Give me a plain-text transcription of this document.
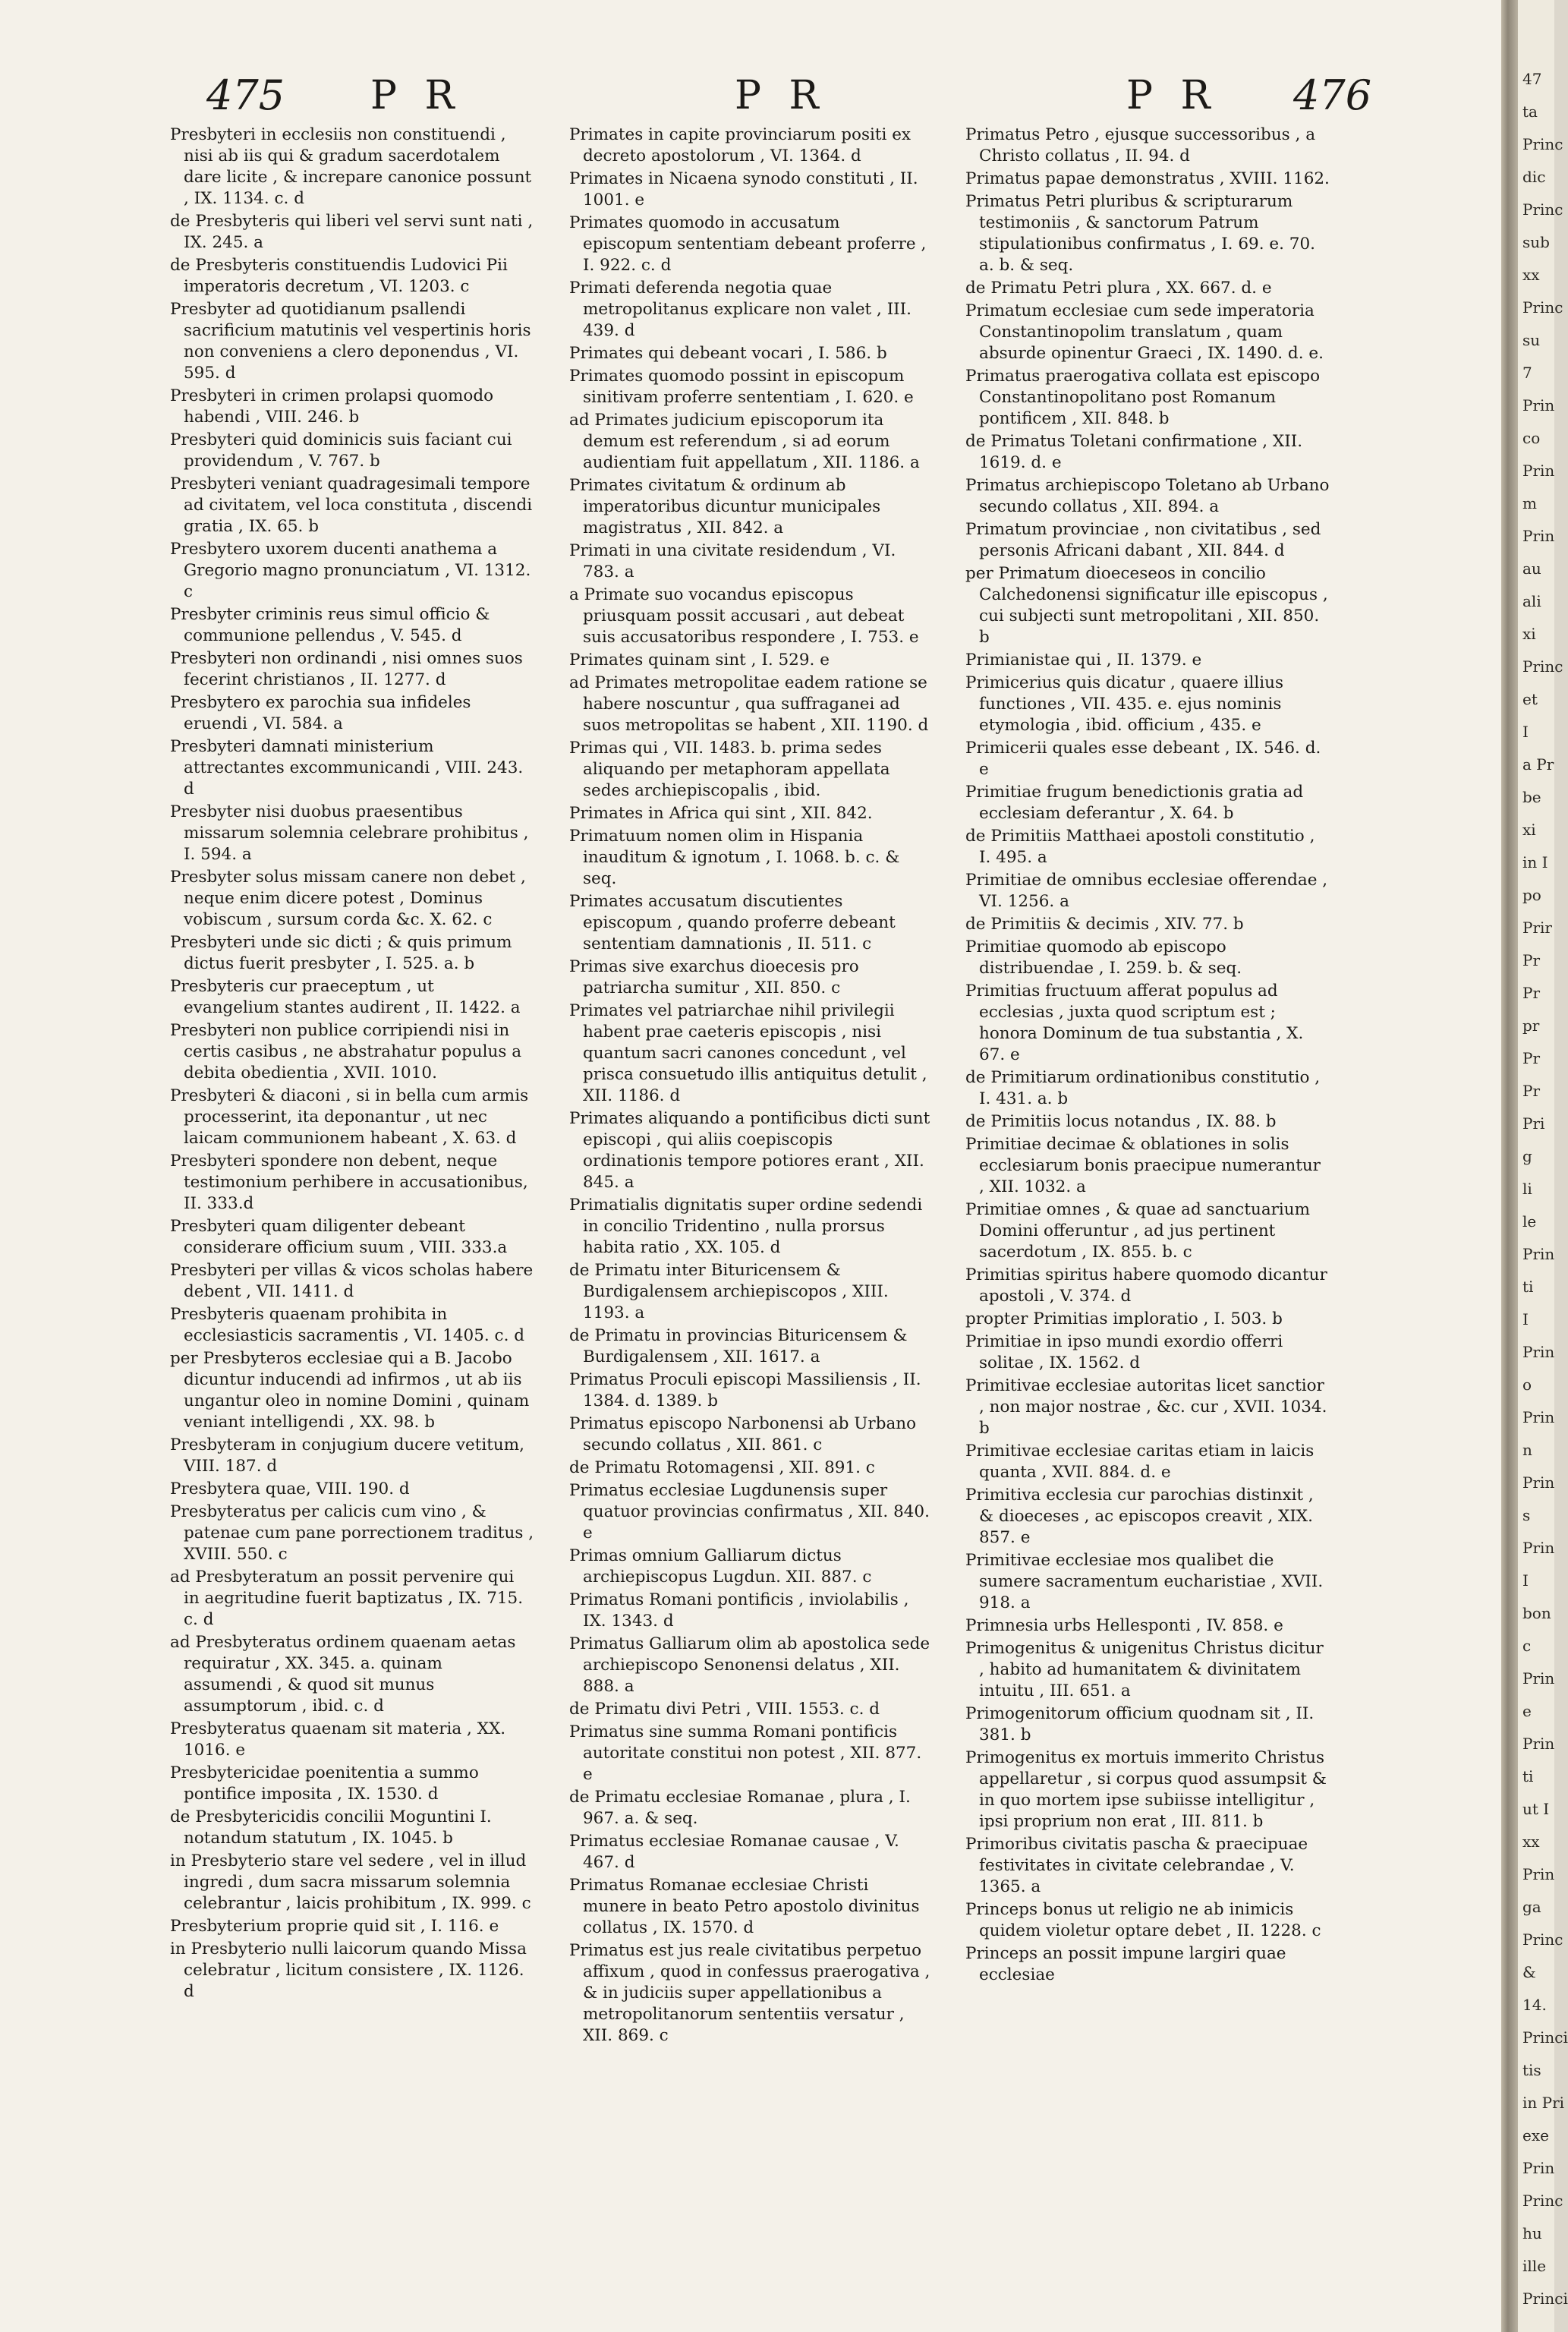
475 P R	P R	P R 476

Presbyteri in ecclesiis non constituendi , nisi ab iis qui & gradum sacerdotalem dare licite , & increpare canonice possunt , IX. 1134. c. d

de Presbyteris qui liberi vel servi sunt nati , IX. 245. a

de Presbyteris constituendis Ludovici Pii imperatoris decretum , VI. 1203. c

Presbyter ad quotidianum psallendi sacrificium matutinis vel vespertinis horis non conveniens a clero deponendus , VI. 595. d

Presbyteri in crimen prolapsi quomodo habendi , VIII. 246. b

Presbyteri quid dominicis suis faciant cui providendum , V. 767. b

Presbyteri veniant quadragesimali tempore ad civitatem, vel loca constituta , discendi gratia , IX. 65. b

Presbytero uxorem ducenti anathema a Gregorio magno pronunciatum , VI. 1312. c

Presbyter criminis reus simul officio & communione pellendus , V. 545. d

Presbyteri non ordinandi , nisi omnes suos fecerint christianos , II. 1277. d

Presbytero ex parochia sua infideles eruendi , VI. 584. a

Presbyteri damnati ministerium attrectantes excommunicandi , VIII. 243. d

Presbyter nisi duobus praesentibus missarum solemnia celebrare prohibitus , I. 594. a

Presbyter solus missam canere non debet , neque enim dicere potest , Dominus vobiscum , sursum corda &c. X. 62. c

Presbyteri unde sic dicti ; & quis primum dictus fuerit presbyter , I. 525. a. b

Presbyteris cur praeceptum , ut evangelium stantes audirent , II. 1422. a

Presbyteri non publice corripiendi nisi in certis casibus , ne abstrahatur populus a debita obedientia , XVII. 1010.

Presbyteri & diaconi , si in bella cum armis processerint, ita deponantur , ut nec laicam communionem habeant , X. 63. d

Presbyteri spondere non debent, neque testimonium perhibere in accusationibus, II. 333.d

Presbyteri quam diligenter debeant considerare officium suum , VIII. 333.a

Presbyteri per villas & vicos scholas habere debent , VII. 1411. d

Presbyteris quaenam prohibita in ecclesiasticis sacramentis , VI. 1405. c. d

per Presbyteros ecclesiae qui a B. Jacobo dicuntur inducendi ad infirmos , ut ab iis ungantur oleo in nomine Domini , quinam veniant intelligendi , XX. 98. b

Presbyteram in conjugium ducere vetitum, VIII. 187. d

Presbytera quae, VIII. 190. d

Presbyteratus per calicis cum vino , & patenae cum pane porrectionem traditus , XVIII. 550. c

ad Presbyteratum an possit pervenire qui in aegritudine fuerit baptizatus , IX. 715. c. d

ad Presbyteratus ordinem quaenam aetas requiratur , XX. 345. a. quinam assumendi , & quod sit munus assumptorum , ibid. c. d

Presbyteratus quaenam sit materia , XX. 1016. e

Presbytericidae poenitentia a summo pontifice imposita , IX. 1530. d

de Presbytericidis concilii Moguntini I. notandum statutum , IX. 1045. b

in Presbyterio stare vel sedere , vel in illud ingredi , dum sacra missarum solemnia celebrantur , laicis prohibitum , IX. 999. c

Presbyterium proprie quid sit , I. 116. e

in Presbyterio nulli laicorum quando Missa celebratur , licitum consistere , IX. 1126. d

Primates in capite provinciarum positi ex decreto apostolorum , VI. 1364. d

Primates in Nicaena synodo constituti , II. 1001. e

Primates quomodo in accusatum episcopum sententiam debeant proferre , I. 922. c. d

Primati deferenda negotia quae metropolitanus explicare non valet , III. 439. d

Primates qui debeant vocari , I. 586. b

Primates quomodo possint in episcopum sinitivam proferre sententiam , I. 620. e

ad Primates judicium episcoporum ita demum est referendum , si ad eorum audientiam fuit appellatum , XII. 1186. a

Primates civitatum & ordinum ab imperatoribus dicuntur municipales magistratus , XII. 842. a

Primati in una civitate residendum , VI. 783. a

a Primate suo vocandus episcopus priusquam possit accusari , aut debeat suis accusatoribus respondere , I. 753. e

Primates quinam sint , I. 529. e

ad Primates metropolitae eadem ratione se habere noscuntur , qua suffraganei ad suos metropolitas se habent , XII. 1190. d

Primas qui , VII. 1483. b. prima sedes aliquando per metaphoram appellata sedes archiepiscopalis , ibid.

Primates in Africa qui sint , XII. 842.

Primatuum nomen olim in Hispania inauditum & ignotum , I. 1068. b. c. & seq.

Primates accusatum discutientes episcopum , quando proferre debeant sententiam damnationis , II. 511. c

Primas sive exarchus dioecesis pro patriarcha sumitur , XII. 850. c

Primates vel patriarchae nihil privilegii habent prae caeteris episcopis , nisi quantum sacri canones concedunt , vel prisca consuetudo illis antiquitus detulit , XII. 1186. d

Primates aliquando a pontificibus dicti sunt episcopi , qui aliis coepiscopis ordinationis tempore potiores erant , XII. 845. a

Primatialis dignitatis super ordine sedendi in concilio Tridentino , nulla prorsus habita ratio , XX. 105. d

de Primatu inter Bituricensem & Burdigalensem archiepiscopos , XIII. 1193. a

de Primatu in provincias Bituricensem & Burdigalensem , XII. 1617. a

Primatus Proculi episcopi Massiliensis , II. 1384. d. 1389. b

Primatus episcopo Narbonensi ab Urbano secundo collatus , XII. 861. c

de Primatu Rotomagensi , XII. 891. c

Primatus ecclesiae Lugdunensis super quatuor provincias confirmatus , XII. 840. e

Primas omnium Galliarum dictus archiepiscopus Lugdun. XII. 887. c

Primatus Romani pontificis , inviolabilis , IX. 1343. d

Primatus Galliarum olim ab apostolica sede archiepiscopo Senonensi delatus , XII. 888. a

de Primatu divi Petri , VIII. 1553. c. d

Primatus sine summa Romani pontificis autoritate constitui non potest , XII. 877. e

de Primatu ecclesiae Romanae , plura , I. 967. a. & seq.

Primatus ecclesiae Romanae causae , V. 467. d

Primatus Romanae ecclesiae Christi munere in beato Petro apostolo divinitus collatus , IX. 1570. d

Primatus est jus reale civitatibus perpetuo affixum , quod in confessus praerogativa , & in judiciis super appellationibus a metropolitanorum sententiis versatur , XII. 869. c

Primatus Petro , ejusque successoribus , a Christo collatus , II. 94. d

Primatus papae demonstratus , XVIII. 1162.

Primatus Petri pluribus & scripturarum testimoniis , & sanctorum Patrum stipulationibus confirmatus , I. 69. e. 70. a. b. & seq.

de Primatu Petri plura , XX. 667. d. e

Primatum ecclesiae cum sede imperatoria Constantinopolim translatum , quam absurde opinentur Graeci , IX. 1490. d. e.

Primatus praerogativa collata est episcopo Constantinopolitano post Romanum pontificem , XII. 848. b

de Primatus Toletani confirmatione , XII. 1619. d. e

Primatus archiepiscopo Toletano ab Urbano secundo collatus , XII. 894. a

Primatum provinciae , non civitatibus , sed personis Africani dabant , XII. 844. d

per Primatum dioeceseos in concilio Calchedonensi significatur ille episcopus , cui subjecti sunt metropolitani , XII. 850. b

Primianistae qui , II. 1379. e

Primicerius quis dicatur , quaere illius functiones , VII. 435. e. ejus nominis etymologia , ibid. officium , 435. e

Primicerii quales esse debeant , IX. 546. d. e

Primitiae frugum benedictionis gratia ad ecclesiam deferantur , X. 64. b

de Primitiis Matthaei apostoli constitutio , I. 495. a

Primitiae de omnibus ecclesiae offerendae , VI. 1256. a

de Primitiis & decimis , XIV. 77. b

Primitiae quomodo ab episcopo distribuendae , I. 259. b. & seq.

Primitias fructuum afferat populus ad ecclesias , juxta quod scriptum est ; honora Dominum de tua substantia , X. 67. e

de Primitiarum ordinationibus constitutio , I. 431. a. b

de Primitiis locus notandus , IX. 88. b

Primitiae decimae & oblationes in solis ecclesiarum bonis praecipue numerantur , XII. 1032. a

Primitiae omnes , & quae ad sanctuarium Domini offeruntur , ad jus pertinent sacerdotum , IX. 855. b. c

Primitias spiritus habere quomodo dicantur apostoli , V. 374. d

propter Primitias imploratio , I. 503. b

Primitiae in ipso mundi exordio offerri solitae , IX. 1562. d

Primitivae ecclesiae autoritas licet sanctior , non major nostrae , &c. cur , XVII. 1034. b

Primitivae ecclesiae caritas etiam in laicis quanta , XVII. 884. d. e

Primitiva ecclesia cur parochias distinxit , & dioeceses , ac episcopos creavit , XIX. 857. e

Primitivae ecclesiae mos qualibet die sumere sacramentum eucharistiae , XVII. 918. a

Primnesia urbs Hellesponti , IV. 858. e

Primogenitus & unigenitus Christus dicitur , habito ad humanitatem & divinitatem intuitu , III. 651. a

Primogenitorum officium quodnam sit , II. 381. b

Primogenitus ex mortuis immerito Christus appellaretur , si corpus quod assumpsit & in quo mortem ipse subiisse intelligitur , ipsi proprium non erat , III. 811. b

Primoribus civitatis pascha & praecipuae festivitates in civitate celebrandae , V. 1365. a

Princeps bonus ut religio ne ab inimicis quidem violetur optare debet , II. 1228. c

Princeps an possit impune largiri quae ecclesiae

47
ta
Princ
dic
Princ
sub
xx
Princ
su
7
Prin
co
Prin
m
Prin
au
ali
xi
Princ
et
I
a Pr
be
xi
in I
po
Prir
Pr
Pr
pr
Pr
Pr
Pri
g
li
le
Prin
ti
I
Prin
o
Prin
n
Prin
s
Prin
I
bon
c
Prin
e
Prin
ti
ut I
xx
Prin
ga
Princ
&
14.
Princi
tis
in Pri
exe
Prin
Princ
hu
ille
Princi
